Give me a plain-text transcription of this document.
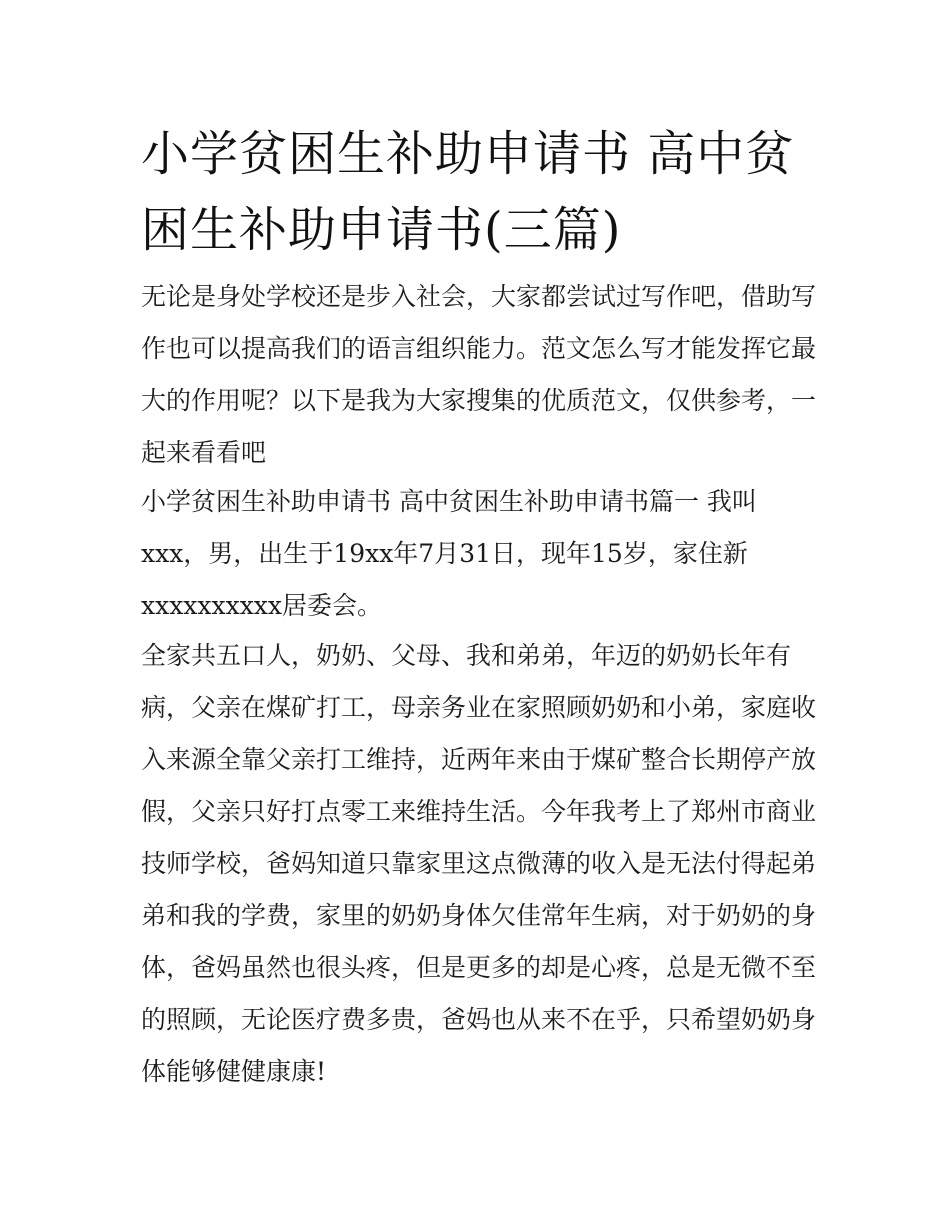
小学贫困生补助申请书 高中贫
困生补助申请书(三篇)
无论是身处学校还是步入社会，大家都尝试过写作吧，借助写
作也可以提高我们的语言组织能力。范文怎么写才能发挥它最
大的作用呢？以下是我为大家搜集的优质范文，仅供参考，一
起来看看吧
小学贫困生补助申请书 高中贫困生补助申请书篇一 我叫
xxx，男，出生于19xx年7月31日，现年15岁，家住新
xxxxxxxxxx居委会。
全家共五口人，奶奶、父母、我和弟弟，年迈的奶奶长年有
病，父亲在煤矿打工，母亲务业在家照顾奶奶和小弟，家庭收
入来源全靠父亲打工维持，近两年来由于煤矿整合长期停产放
假，父亲只好打点零工来维持生活。今年我考上了郑州市商业
技师学校，爸妈知道只靠家里这点微薄的收入是无法付得起弟
弟和我的学费，家里的奶奶身体欠佳常年生病，对于奶奶的身
体，爸妈虽然也很头疼，但是更多的却是心疼，总是无微不至
的照顾，无论医疗费多贵，爸妈也从来不在乎，只希望奶奶身
体能够健健康康!
